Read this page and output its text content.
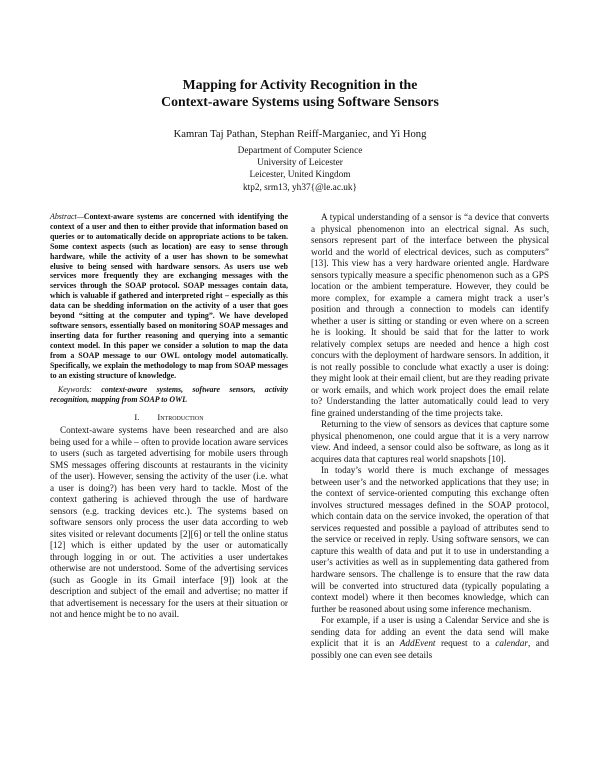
Mapping for Activity Recognition in the
Context-aware Systems using Software Sensors

Kamran Taj Pathan, Stephan Reiff-Marganiec, and Yi Hong

Department of Computer Science
University of Leicester
Leicester, United Kingdom
ktp2, srm13, yh37{@le.ac.uk}

Abstract—Context-aware systems are concerned with identifying the context of a user and then to either provide that information based on queries or to automatically decide on appropriate actions to be taken. Some context aspects (such as location) are easy to sense through hardware, while the activity of a user has shown to be somewhat elusive to being sensed with hardware sensors. As users use web services more frequently they are exchanging messages with the services through the SOAP protocol. SOAP messages contain data, which is valuable if gathered and interpreted right – especially as this data can be shedding information on the activity of a user that goes beyond “sitting at the computer and typing”. We have developed software sensors, essentially based on monitoring SOAP messages and inserting data for further reasoning and querying into a semantic context model. In this paper we consider a solution to map the data from a SOAP message to our OWL ontology model automatically. Specifically, we explain the methodology to map from SOAP messages to an existing structure of knowledge.

Keywords: context-aware systems, software sensors, activity recognition, mapping from SOAP to OWL

I. Introduction

Context-aware systems have been researched and are also being used for a while – often to provide location aware services to users (such as targeted advertising for mobile users through SMS messages offering discounts at restaurants in the vicinity of the user). However, sensing the activity of the user (i.e. what a user is doing?) has been very hard to tackle. Most of the context gathering is achieved through the use of hardware sensors (e.g. tracking devices etc.). The systems based on software sensors only process the user data according to web sites visited or relevant documents [2][6] or tell the online status [12] which is either updated by the user or automatically through logging in or out. The activities a user undertakes otherwise are not understood. Some of the advertising services (such as Google in its Gmail interface [9]) look at the description and subject of the email and advertise; no matter if that advertisement is necessary for the users at their situation or not and hence might be to no avail.

A typical understanding of a sensor is “a device that converts a physical phenomenon into an electrical signal. As such, sensors represent part of the interface between the physical world and the world of electrical devices, such as computers” [13]. This view has a very hardware oriented angle. Hardware sensors typically measure a specific phenomenon such as a GPS location or the ambient temperature. However, they could be more complex, for example a camera might track a user’s position and through a connection to models can identify whether a user is sitting or standing or even where on a screen he is looking. It should be said that for the latter to work relatively complex setups are needed and hence a high cost concurs with the deployment of hardware sensors. In addition, it is not really possible to conclude what exactly a user is doing: they might look at their email client, but are they reading private or work emails, and which work project does the email relate to? Understanding the latter automatically could lead to very fine grained understanding of the time projects take.

Returning to the view of sensors as devices that capture some physical phenomenon, one could argue that it is a very narrow view. And indeed, a sensor could also be software, as long as it acquires data that captures real world snapshots [10].

In today’s world there is much exchange of messages between user’s and the networked applications that they use; in the context of service-oriented computing this exchange often involves structured messages defined in the SOAP protocol, which contain data on the service invoked, the operation of that services requested and possible a payload of attributes send to the service or received in reply. Using software sensors, we can capture this wealth of data and put it to use in understanding a user’s activities as well as in supplementing data gathered from hardware sensors. The challenge is to ensure that the raw data will be converted into structured data (typically populating a context model) where it then becomes knowledge, which can further be reasoned about using some inference mechanism.

For example, if a user is using a Calendar Service and she is sending data for adding an event the data send will make explicit that it is an AddEvent request to a calendar, and possibly one can even see details
